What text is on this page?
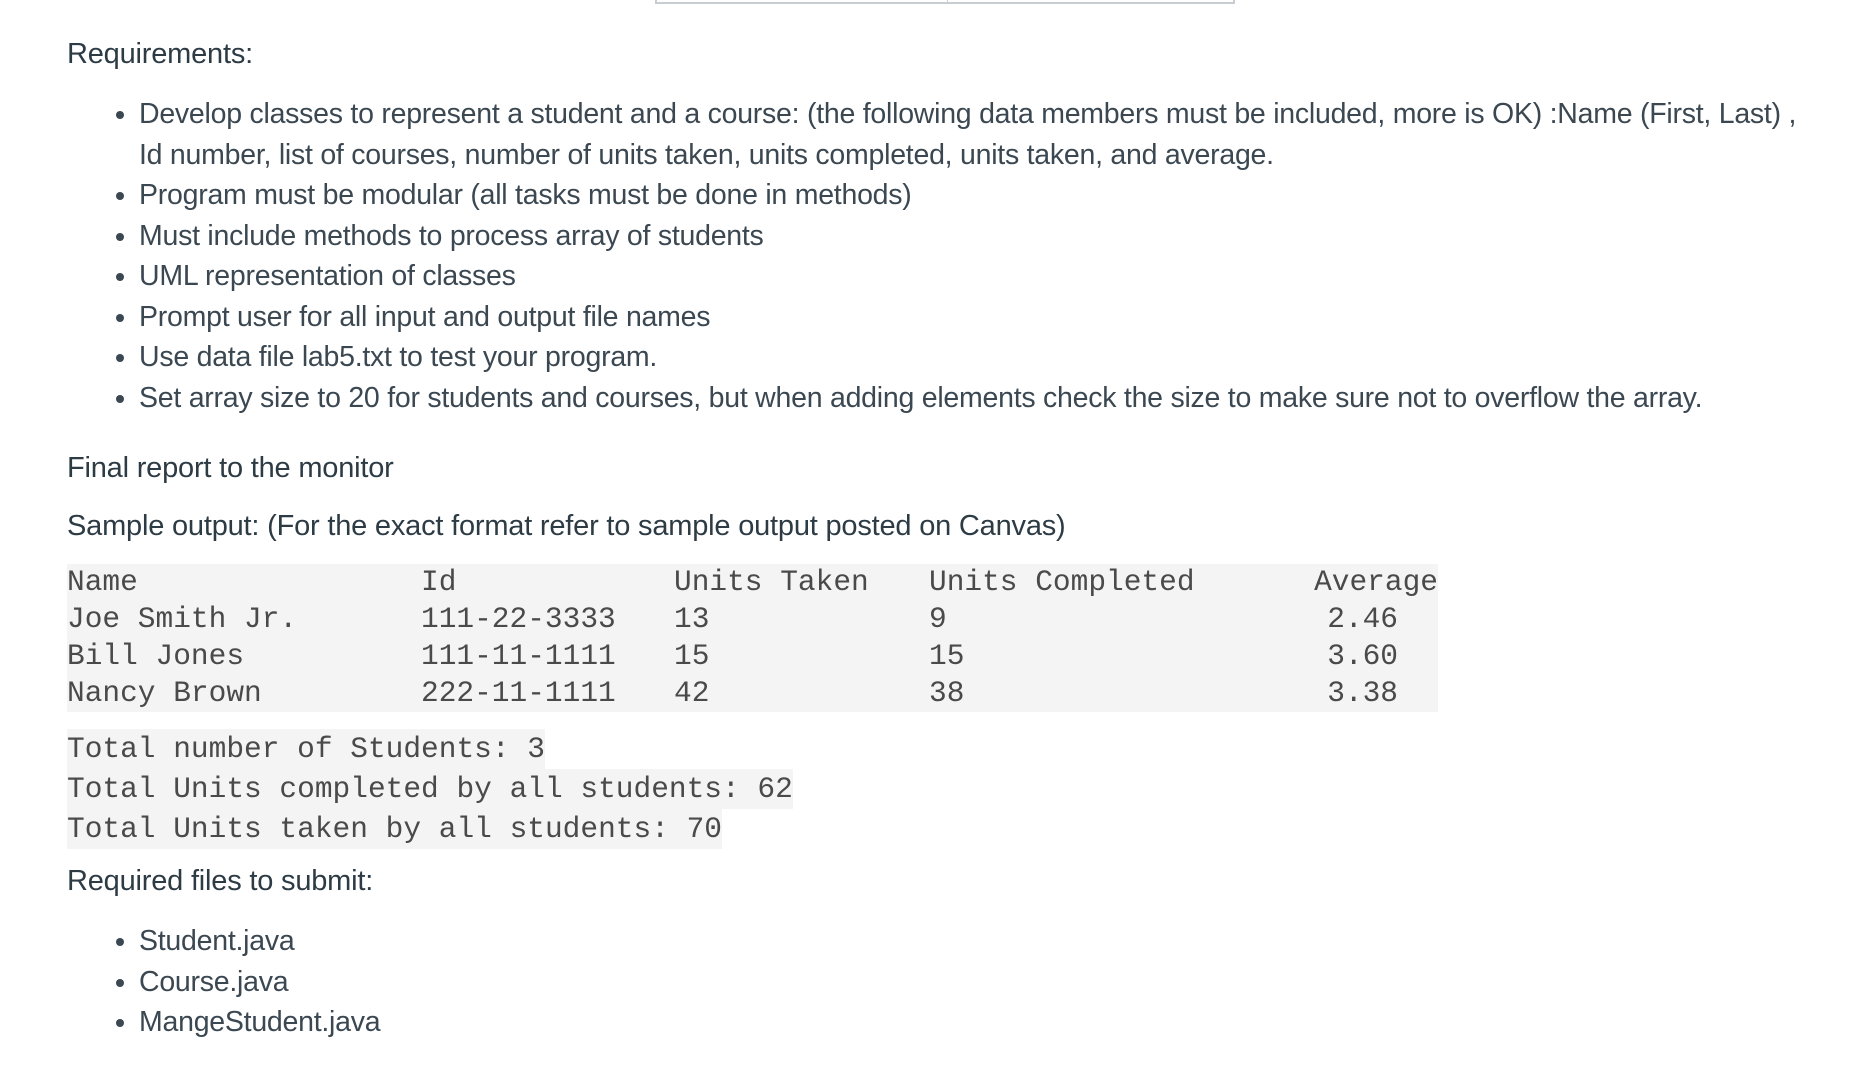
Requirements:

• Develop classes to represent a student and a course: (the following data members must be included, more is OK) :Name (First, Last) , Id number, list of courses, number of units taken, units completed, units taken, and average.
• Program must be modular (all tasks must be done in methods)
• Must include methods to process array of students
• UML representation of classes
• Prompt user for all input and output file names
• Use data file lab5.txt to test your program.
• Set array size to 20 for students and courses, but when adding elements check the size to make sure not to overflow the array.

Final report to the monitor

Sample output: (For the exact format refer to sample output posted on Canvas)

Name	Id	Units Taken	Units Completed	Average
Joe Smith Jr.	111-22-3333	13	9	2.46
Bill Jones	111-11-1111	15	15	3.60
Nancy Brown	222-11-1111	42	38	3.38
Total number of Students: 3
Total Units completed by all students: 62
Total Units taken by all students: 70

Required files to submit:

• Student.java
• Course.java
• MangeStudent.java
